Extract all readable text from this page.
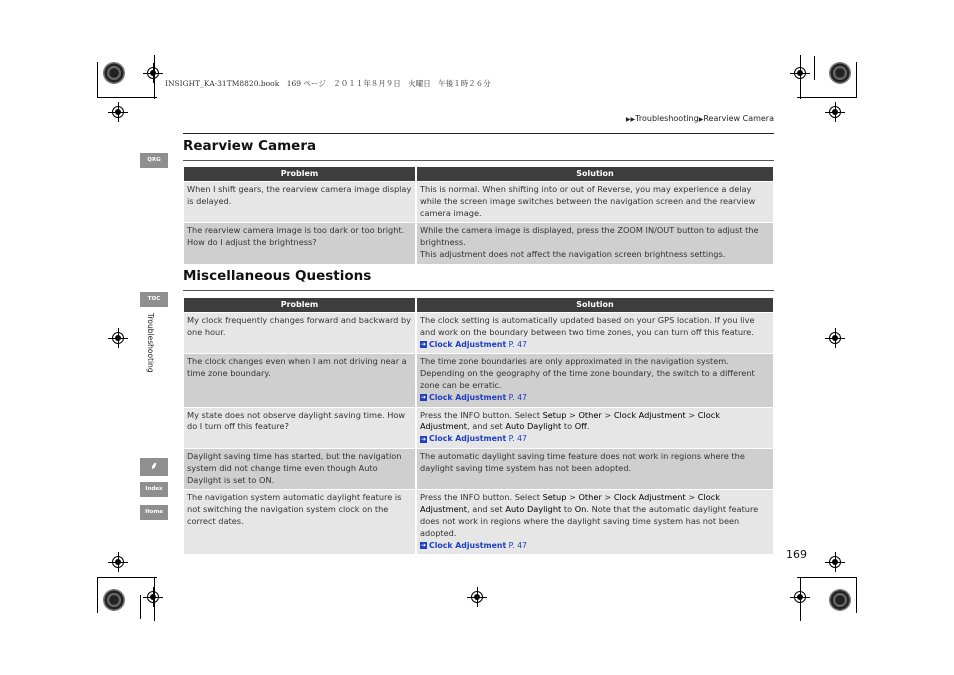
INSIGHT_KA-31TM8820.book　169 ページ　２０１１年８月９日　火曜日　午後１時２６分
▶▶Troubleshooting▶Rearview Camera
QRG
TOC
Troubleshooting
⸙
Index
Home
Rearview Camera
Problem	Solution
When I shift gears, the rearview camera image display is delayed.	This is normal. When shifting into or out of Reverse, you may experience a delay while the screen image switches between the navigation screen and the rearview camera image.
The rearview camera image is too dark or too bright. How do I adjust the brightness?	While the camera image is displayed, press the ZOOM IN/OUT button to adjust the brightness.
This adjustment does not affect the navigation screen brightness settings.
Miscellaneous Questions
Problem	Solution
My clock frequently changes forward and backward by one hour.	The clock setting is automatically updated based on your GPS location. If you live and work on the boundary between two time zones, you can turn off this feature.
➔ Clock Adjustment P. 47

The clock changes even when I am not driving near a time zone boundary.	The time zone boundaries are only approximated in the navigation system. Depending on the geography of the time zone boundary, the switch to a different zone can be erratic.
➔ Clock Adjustment P. 47

My state does not observe daylight saving time. How do I turn off this feature?	Press the INFO button. Select Setup > Other > Clock Adjustment > Clock Adjustment, and set Auto Daylight to Off.
➔ Clock Adjustment P. 47

Daylight saving time has started, but the navigation system did not change time even though Auto Daylight is set to ON.	The automatic daylight saving time feature does not work in regions where the daylight saving time system has not been adopted.
The navigation system automatic daylight feature is not switching the navigation system clock on the correct dates.	Press the INFO button. Select Setup > Other > Clock Adjustment > Clock Adjustment, and set Auto Daylight to On. Note that the automatic daylight feature does not work in regions where the daylight saving time system has not been adopted.
➔ Clock Adjustment P. 47
169
